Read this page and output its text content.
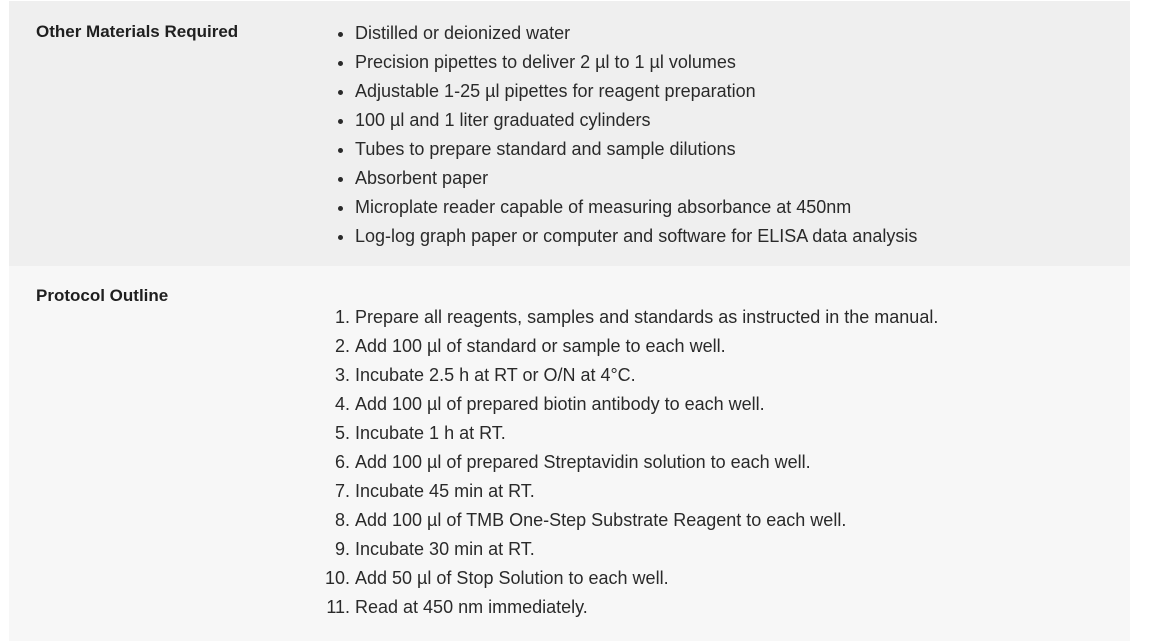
Other Materials Required
•	Distilled or deionized water
• Precision pipettes to deliver 2 µl to 1 µl volumes
• Adjustable 1-25 µl pipettes for reagent preparation
• 100 µl and 1 liter graduated cylinders
• Tubes to prepare standard and sample dilutions
• Absorbent paper
• Microplate reader capable of measuring absorbance at 450nm
• Log-log graph paper or computer and software for ELISA data analysis
Protocol Outline
1. Prepare all reagents, samples and standards as instructed in the manual.
2. Add 100 µl of standard or sample to each well.
3. Incubate 2.5 h at RT or O/N at 4°C.
4. Add 100 µl of prepared biotin antibody to each well.
5. Incubate 1 h at RT.
6. Add 100 µl of prepared Streptavidin solution to each well.
7. Incubate 45 min at RT.
8. Add 100 µl of TMB One-Step Substrate Reagent to each well.
9. Incubate 30 min at RT.
10. Add 50 µl of Stop Solution to each well.
11. Read at 450 nm immediately.
